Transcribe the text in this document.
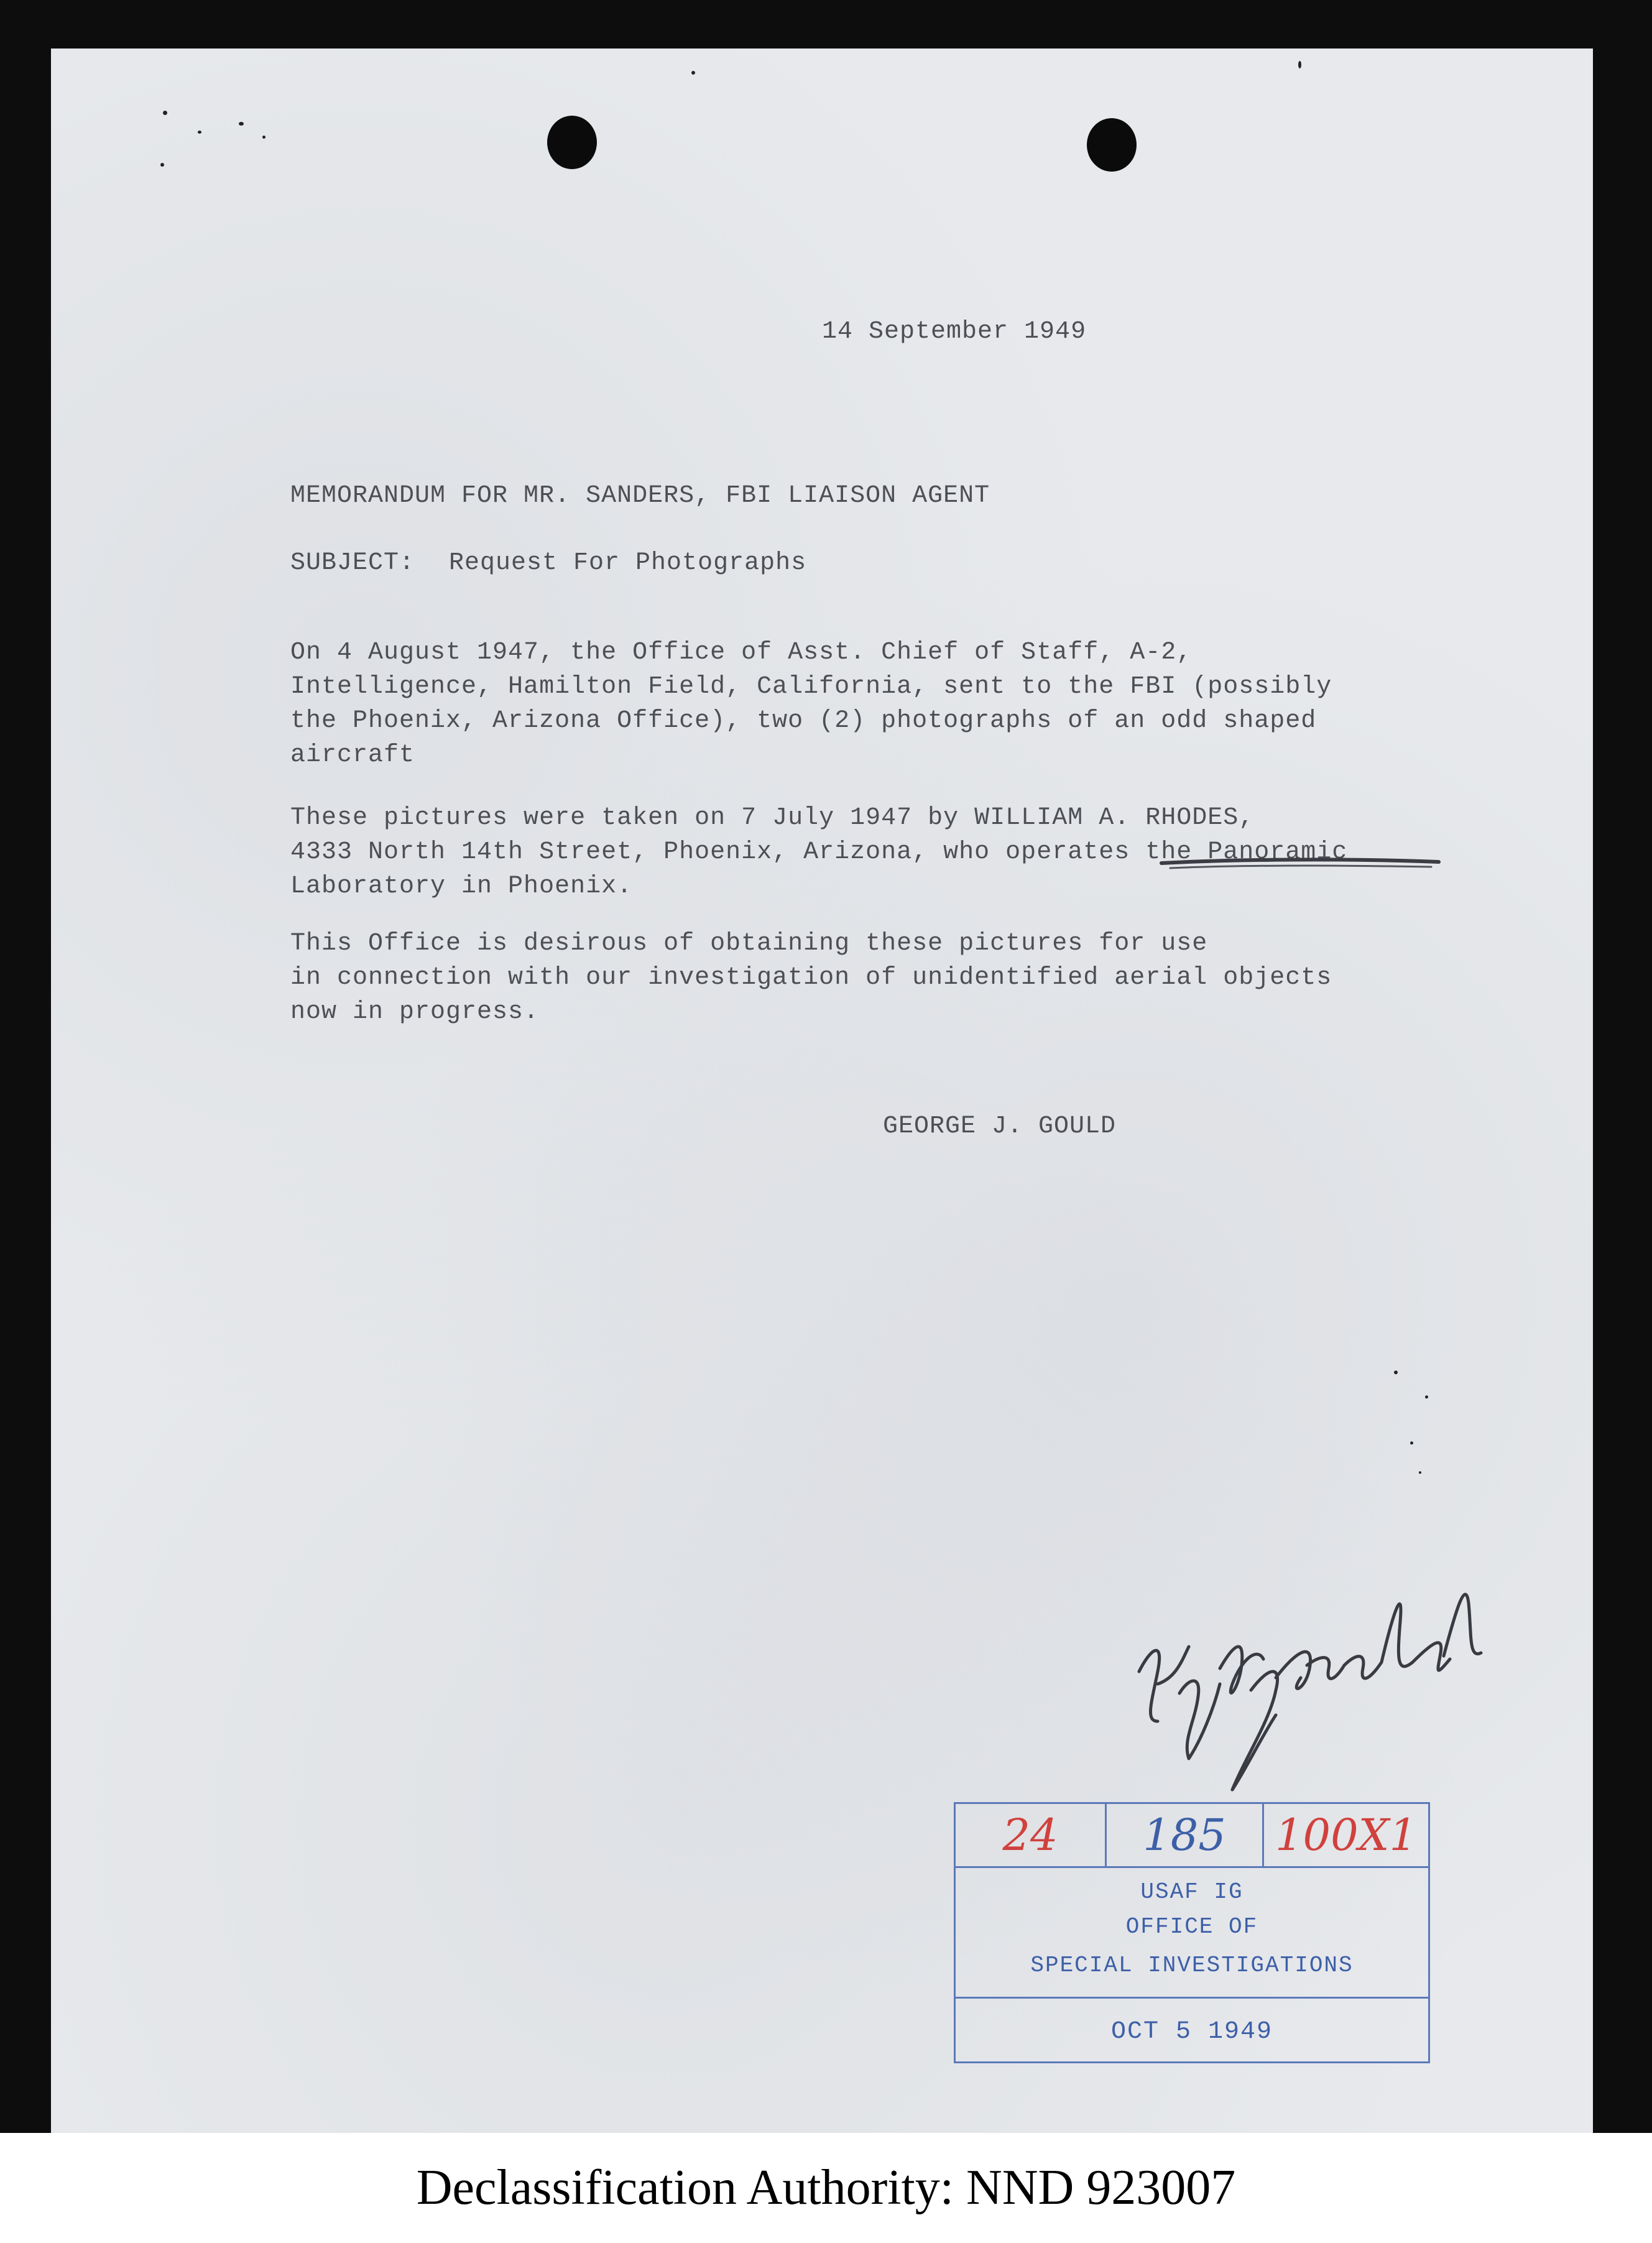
14 September 1949
MEMORANDUM FOR MR. SANDERS, FBI LIAISON AGENT
SUBJECT: Request For Photographs
On 4 August 1947, the Office of Asst. Chief of Staff, A-2,
Intelligence, Hamilton Field, California, sent to the FBI (possibly
the Phoenix, Arizona Office), two (2) photographs of an odd shaped
aircraft
These pictures were taken on 7 July 1947 by WILLIAM A. RHODES,
4333 North 14th Street, Phoenix, Arizona, who operates the Panoramic
Laboratory in Phoenix.
This Office is desirous of obtaining these pictures for use
in connection with our investigation of unidentified aerial objects
now in progress.
GEORGE J. GOULD
24	185	100X1
USAF IG
OFFICE OF
SPECIAL INVESTIGATIONS
OCT 5 1949
Declassification Authority: NND 923007
